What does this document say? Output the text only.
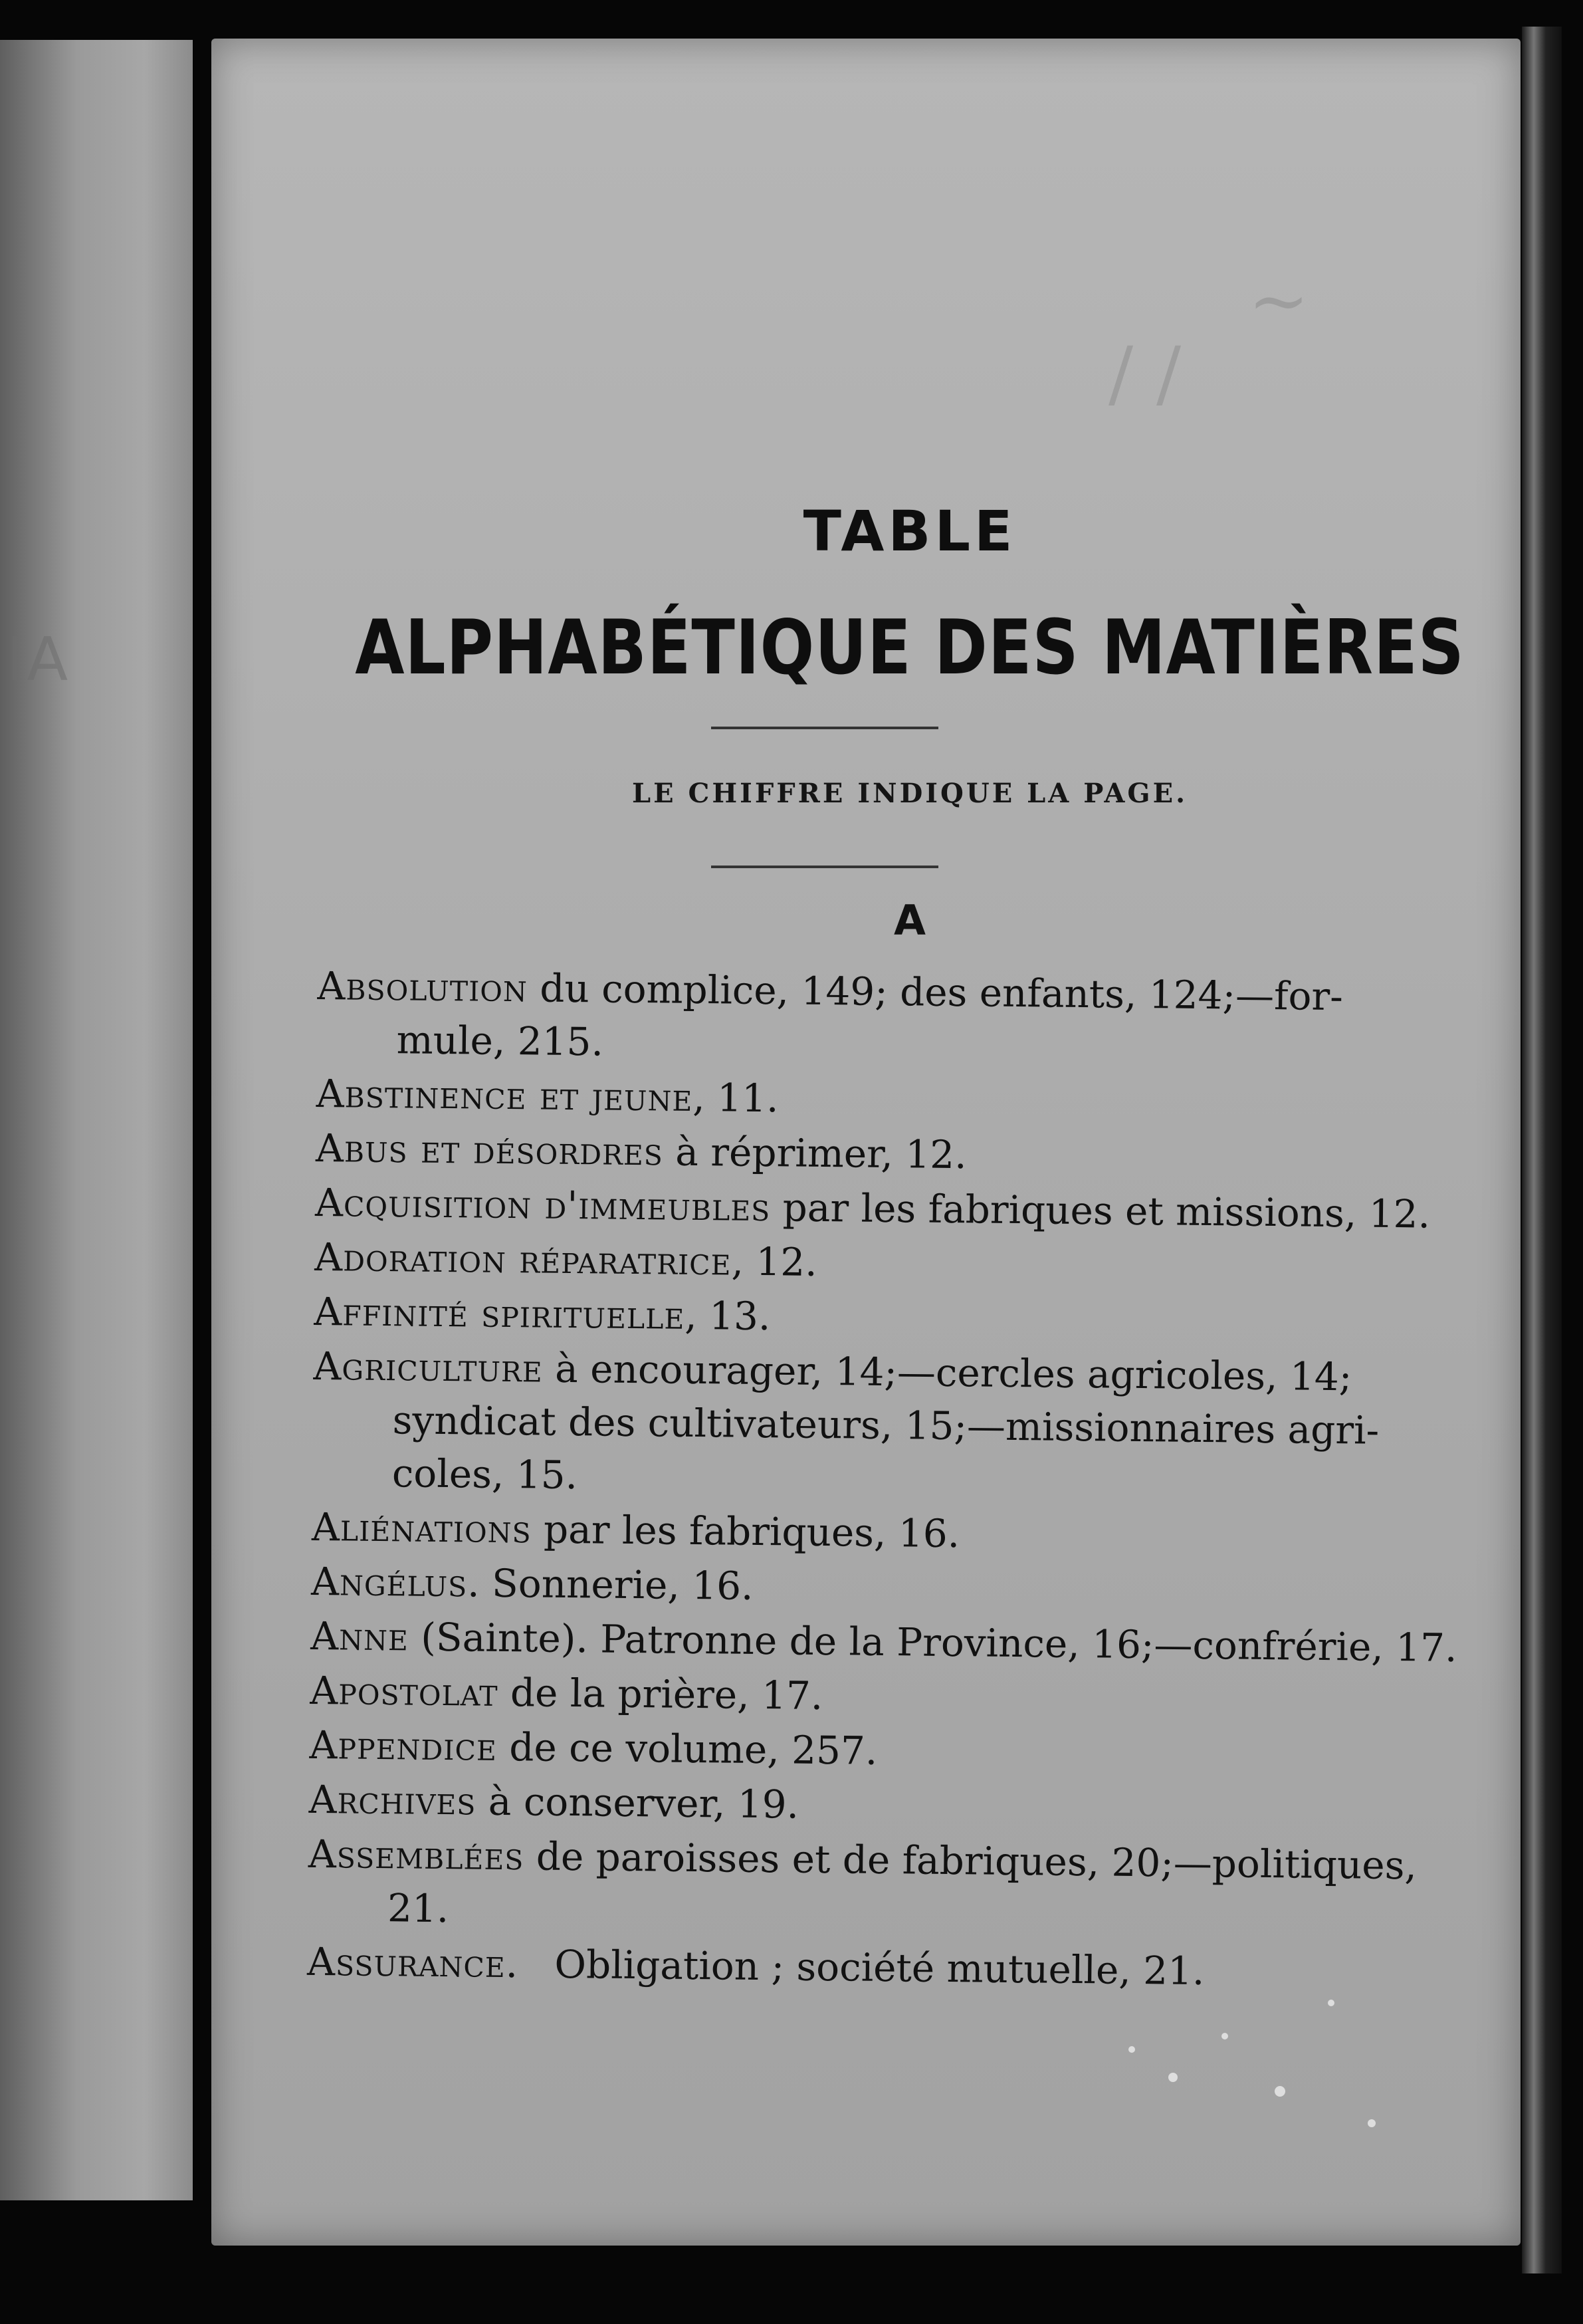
IA
~
/ /
TABLE
ALPHABÉTIQUE DES MATIÈRES
LE CHIFFRE INDIQUE LA PAGE.
A
Absolution du complice, 149; des enfants, 124;—for-
mule, 215.
Abstinence et jeune, 11.
Abus et désordres à réprimer, 12.
Acquisition d'immeubles par les fabriques et missions, 12.
Adoration réparatrice, 12.
Affinité spirituelle, 13.
Agriculture à encourager, 14;—cercles agricoles, 14;
syndicat des cultivateurs, 15;—missionnaires agri-
coles, 15.
Aliénations par les fabriques, 16.
Angélus. Sonnerie, 16.
Anne (Sainte). Patronne de la Province, 16;—confrérie, 17.
Apostolat de la prière, 17.
Appendice de ce volume, 257.
Archives à conserver, 19.
Assemblées de paroisses et de fabriques, 20;—politiques,
21.
Assurance.   Obligation ; société mutuelle, 21.
